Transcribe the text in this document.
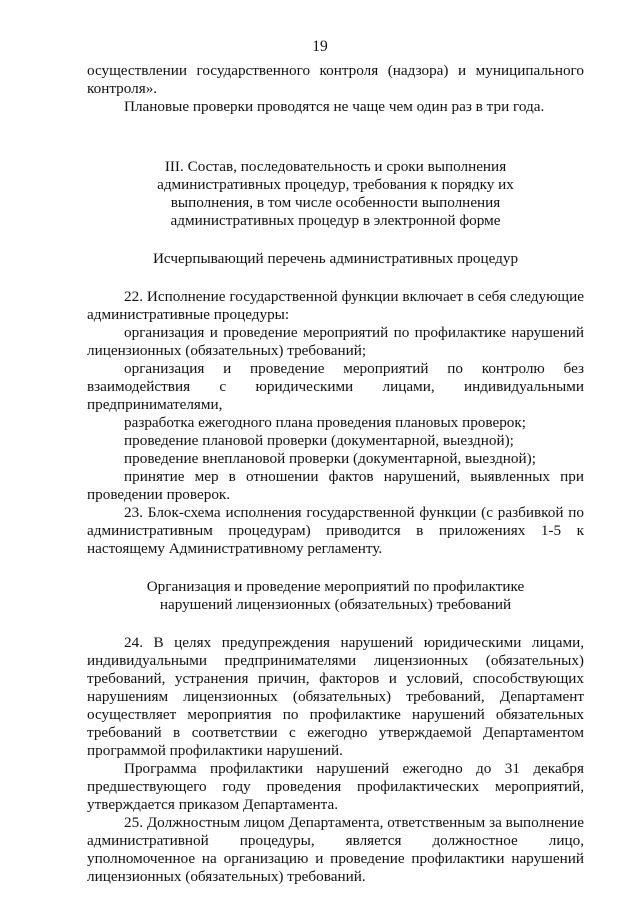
19

осуществлении государственного контроля (надзора) и муниципального контроля».

Плановые проверки проводятся не чаще чем один раз в три года.

III. Состав, последовательность и сроки выполнения

административных процедур, требования к порядку их

выполнения, в том числе особенности выполнения

административных процедур в электронной форме

Исчерпывающий перечень административных процедур

22. Исполнение государственной функции включает в себя следующие административные процедуры:

организация и проведение мероприятий по профилактике нарушений лицензионных (обязательных) требований;

организация и проведение мероприятий по контролю без взаимодействия с юридическими лицами, индивидуальными предпринимателями,

разработка ежегодного плана проведения плановых проверок;

проведение плановой проверки (документарной, выездной);

проведение внеплановой проверки (документарной, выездной);

принятие мер в отношении фактов нарушений, выявленных при проведении проверок.

23. Блок-схема исполнения государственной функции (с разбивкой по административным процедурам) приводится в приложениях 1-5 к настоящему Административному регламенту.

Организация и проведение мероприятий по профилактике

нарушений лицензионных (обязательных) требований

24. В целях предупреждения нарушений юридическими лицами, индивидуальными предпринимателями лицензионных (обязательных) требований, устранения причин, факторов и условий, способствующих нарушениям лицензионных (обязательных) требований, Департамент осуществляет мероприятия по профилактике нарушений обязательных требований в соответствии с ежегодно утверждаемой Департаментом программой профилактики нарушений.

Программа профилактики нарушений ежегодно до 31 декабря предшествующего году проведения профилактических мероприятий, утверждается приказом Департамента.

25. Должностным лицом Департамента, ответственным за выполнение административной процедуры, является должностное лицо, уполномоченное на организацию и проведение профилактики нарушений лицензионных (обязательных) требований.
